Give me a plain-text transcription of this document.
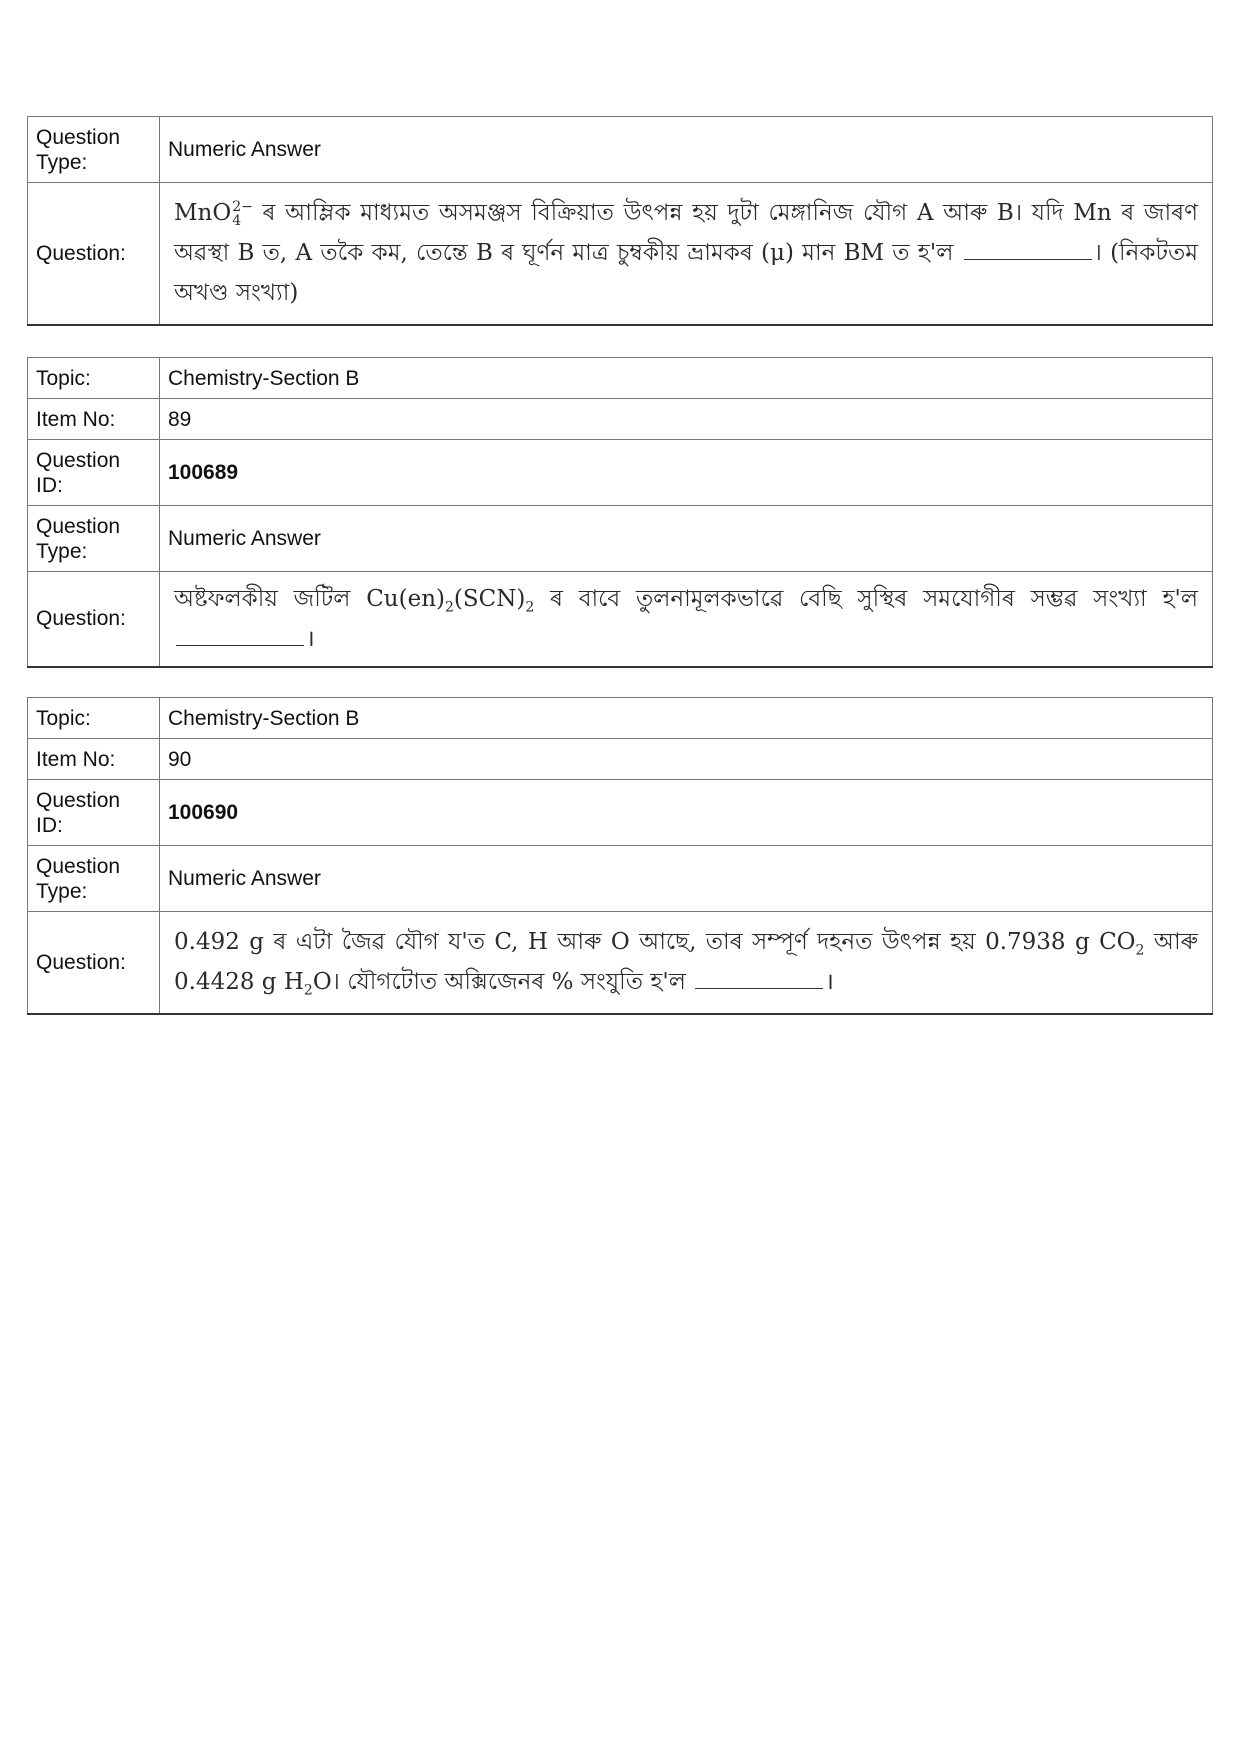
Question Type:	Numeric Answer
Question:	MnO 2−
4 ৰ আম্লিক মাধ্যমত অসমঞ্জস বিক্ৰিয়াত উৎপন্ন হয় দুটা মেঙ্গানিজ যৌগ A আৰু B। যদি Mn ৰ জাৰণ অৱস্থা B ত, A তকৈ কম, তেন্তে B ৰ ঘূৰ্ণন মাত্ৰ চুম্বকীয় ভ্ৰামকৰ (μ) মান BM ত হ'ল । (নিকটতম অখণ্ড সংখ্যা)
Topic:	Chemistry-Section B
Item No:	89
Question ID:	100689
Question Type:	Numeric Answer
Question:	অষ্টফলকীয় জটিল $Cu(en)_2(SCN)_2$ ৰ বাবে তুলনামূলকভাৱে বেছি সুস্থিৰ সমযোগীৰ সম্ভৱ সংখ্যা হ'ল ।
Topic:	Chemistry-Section B
Item No:	90
Question ID:	100690
Question Type:	Numeric Answer
Question:	0.492 g ৰ এটা জৈৱ যৌগ য'ত C, H আৰু O আছে, তাৰ সম্পূৰ্ণ দহনত উৎপন্ন হয় 0.7938 g $CO_2$ আৰু 0.4428 g $H_2O।$ যৌগটোত অক্সিজেনৰ % সংযুতি হ'ল ।
